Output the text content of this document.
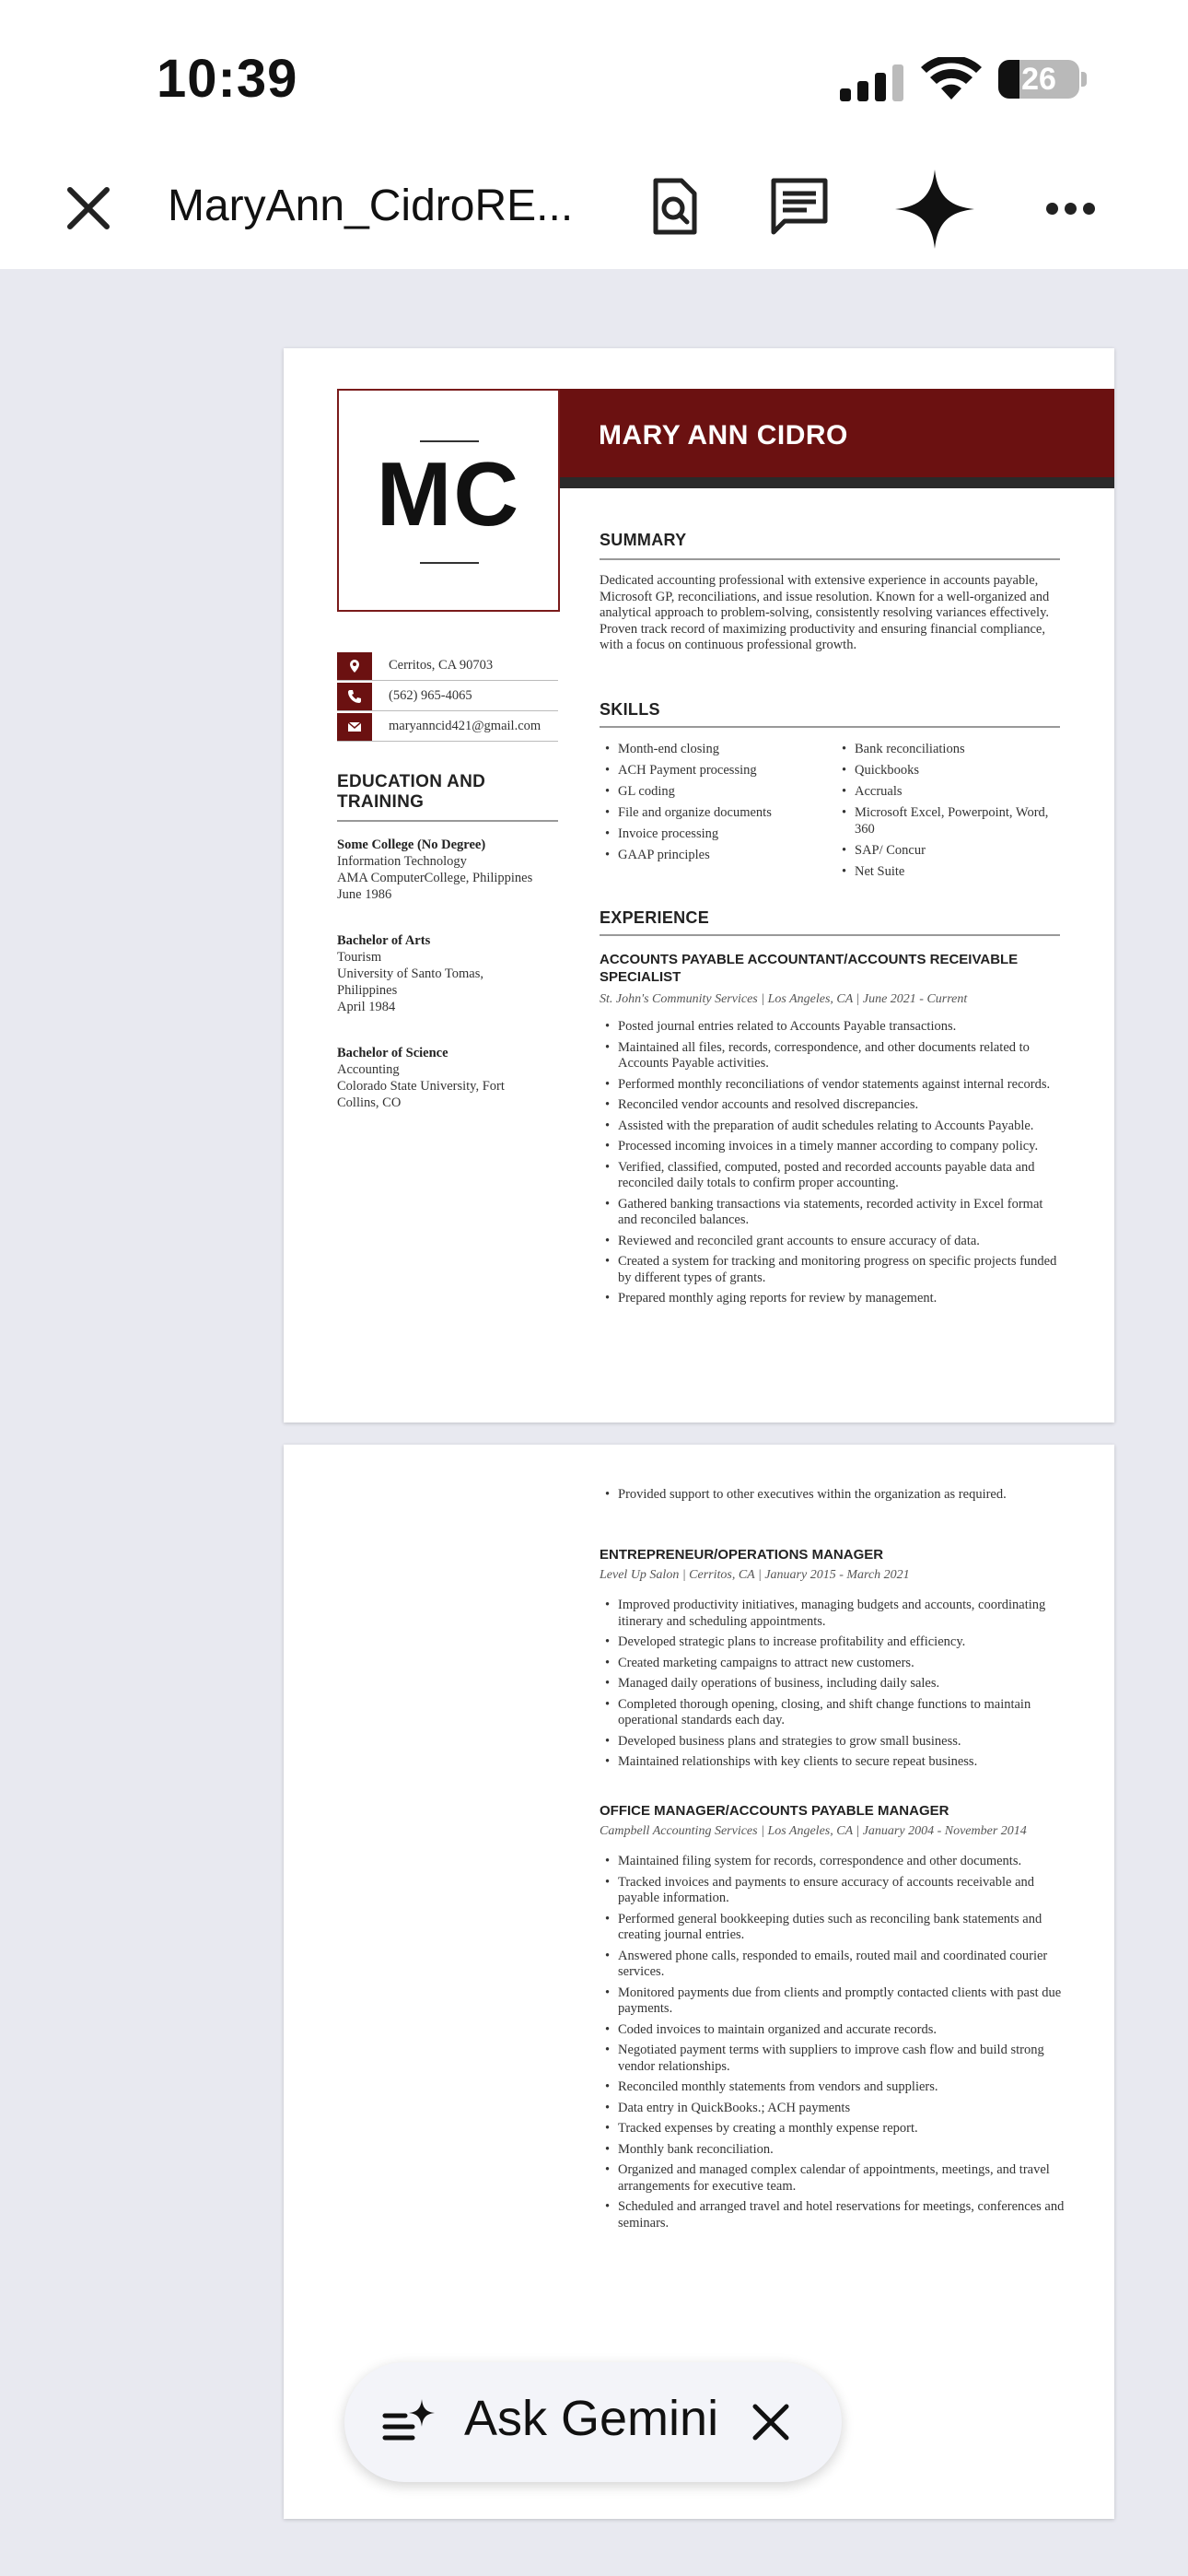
10:39	26
MaryAnn_CidroRE...
MC
MARY ANN CIDRO
Cerritos, CA 90703
(562) 965-4065
maryanncid421@gmail.com
EDUCATION AND
TRAINING
Some College (No Degree)
Information Technology
AMA ComputerCollege, Philippines
June 1986
Bachelor of Arts
Tourism
University of Santo Tomas,
Philippines
April 1984
Bachelor of Science
Accounting
Colorado State University, Fort
Collins, CO
SUMMARY
Dedicated accounting professional with extensive experience in accounts payable, Microsoft GP, reconciliations, and issue resolution. Known for a well-organized and analytical approach to problem-solving, consistently resolving variances effectively. Proven track record of maximizing productivity and ensuring financial compliance, with a focus on continuous professional growth.
SKILLS
• Month-end closing
• ACH Payment processing
• GL coding
• File and organize documents
• Invoice processing
• GAAP principles
• Bank reconciliations
• Quickbooks
• Accruals
• Microsoft Excel, Powerpoint, Word, 360
• SAP/ Concur
• Net Suite
EXPERIENCE
ACCOUNTS PAYABLE ACCOUNTANT/ACCOUNTS RECEIVABLE SPECIALIST
St. John's Community Services | Los Angeles, CA | June 2021 - Current
• Posted journal entries related to Accounts Payable transactions.
• Maintained all files, records, correspondence, and other documents related to Accounts Payable activities.
• Performed monthly reconciliations of vendor statements against internal records.
• Reconciled vendor accounts and resolved discrepancies.
• Assisted with the preparation of audit schedules relating to Accounts Payable.
• Processed incoming invoices in a timely manner according to company policy.
• Verified, classified, computed, posted and recorded accounts payable data and reconciled daily totals to confirm proper accounting.
• Gathered banking transactions via statements, recorded activity in Excel format and reconciled balances.
• Reviewed and reconciled grant accounts to ensure accuracy of data.
• Created a system for tracking and monitoring progress on specific projects funded by different types of grants.
• Prepared monthly aging reports for review by management.
• Provided support to other executives within the organization as required.
ENTREPRENEUR/OPERATIONS MANAGER
Level Up Salon | Cerritos, CA | January 2015 - March 2021
• Improved productivity initiatives, managing budgets and accounts, coordinating itinerary and scheduling appointments.
• Developed strategic plans to increase profitability and efficiency.
• Created marketing campaigns to attract new customers.
• Managed daily operations of business, including daily sales.
• Completed thorough opening, closing, and shift change functions to maintain operational standards each day.
• Developed business plans and strategies to grow small business.
• Maintained relationships with key clients to secure repeat business.
OFFICE MANAGER/ACCOUNTS PAYABLE MANAGER
Campbell Accounting Services | Los Angeles, CA | January 2004 - November 2014
• Maintained filing system for records, correspondence and other documents.
• Tracked invoices and payments to ensure accuracy of accounts receivable and payable information.
• Performed general bookkeeping duties such as reconciling bank statements and creating journal entries.
• Answered phone calls, responded to emails, routed mail and coordinated courier services.
• Monitored payments due from clients and promptly contacted clients with past due payments.
• Coded invoices to maintain organized and accurate records.
• Negotiated payment terms with suppliers to improve cash flow and build strong vendor relationships.
• Reconciled monthly statements from vendors and suppliers.
• Data entry in QuickBooks.; ACH payments
• Tracked expenses by creating a monthly expense report.
• Monthly bank reconciliation.
• Organized and managed complex calendar of appointments, meetings, and travel arrangements for executive team.
• Scheduled and arranged travel and hotel reservations for meetings, conferences and seminars.
Ask Gemini
